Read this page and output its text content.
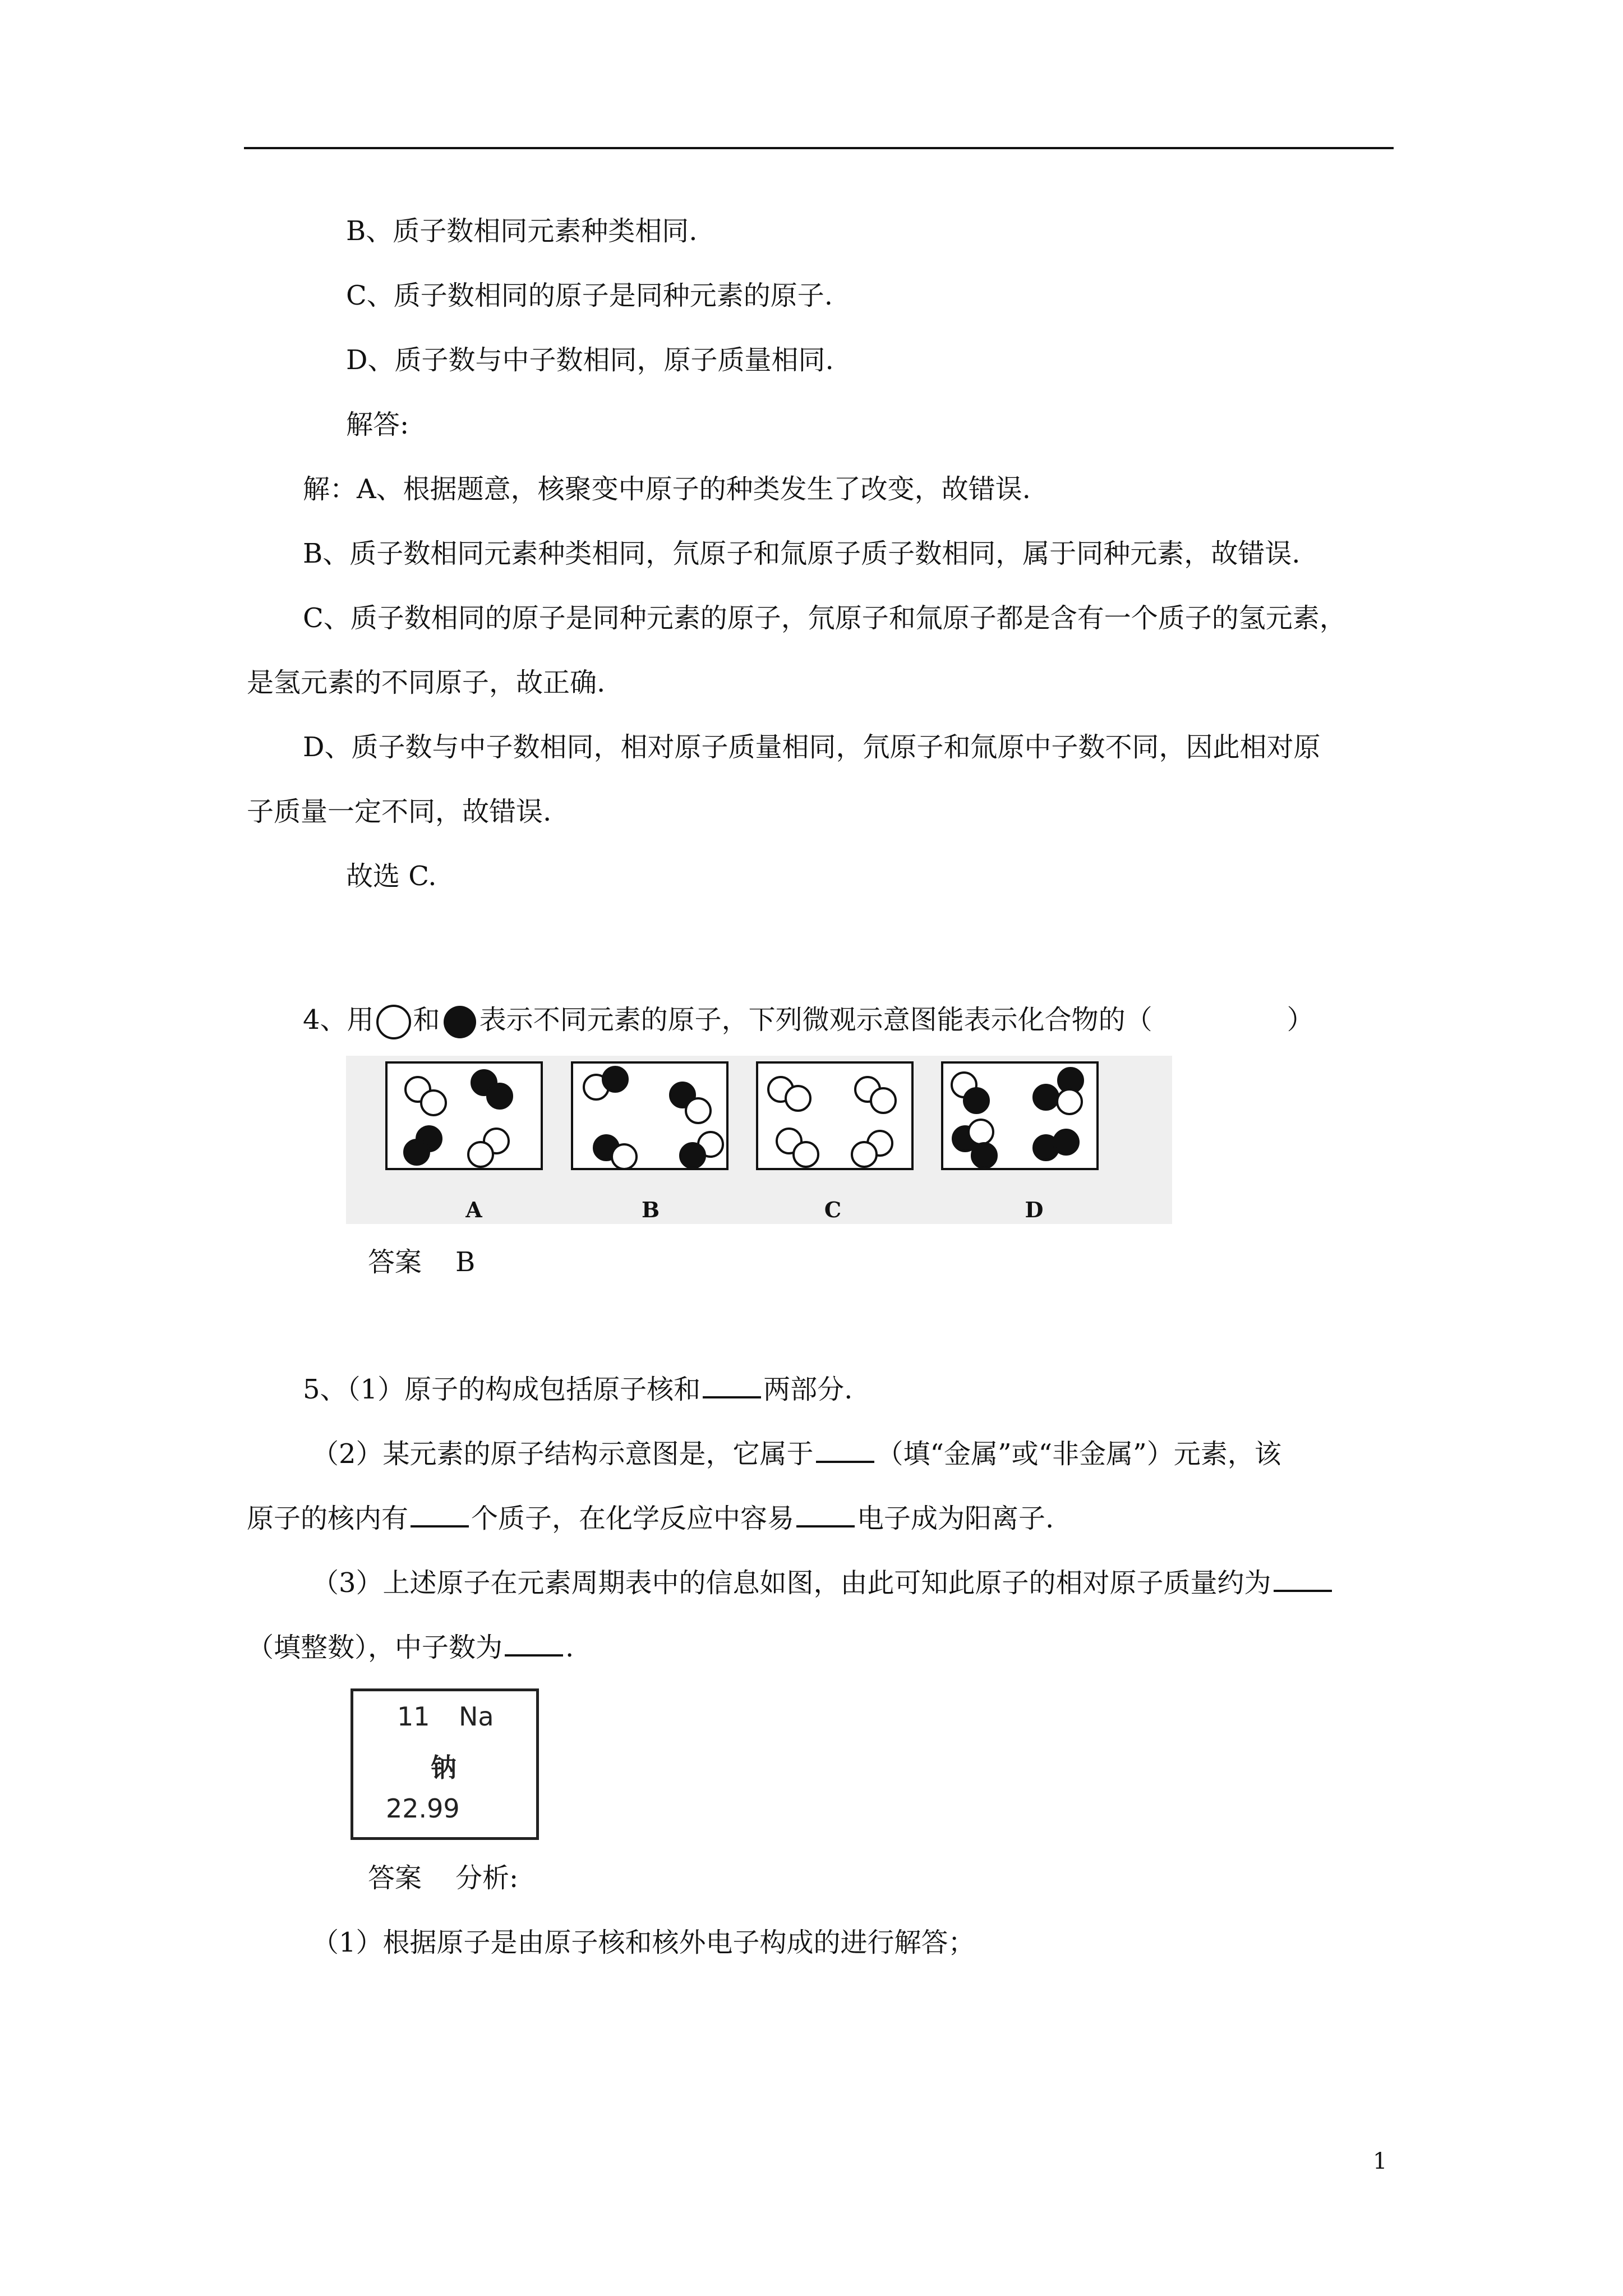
B、质子数相同元素种类相同.

C、质子数相同的原子是同种元素的原子.

D、质子数与中子数相同，原子质量相同.

解答:

解：A、根据题意，核聚变中原子的种类发生了改变，故错误.

B、质子数相同元素种类相同，氘原子和氚原子质子数相同，属于同种元素，故错误.

C、质子数相同的原子是同种元素的原子，氘原子和氚原子都是含有一个质子的氢元素，

是氢元素的不同原子，故正确.

D、质子数与中子数相同，相对原子质量相同，氘原子和氚原中子数不同，因此相对原

子质量一定不同，故错误.

故选 C.

4、用 和 表示不同元素的原子，下列微观示意图能表示化合物的（	）

A	B	C	D

答案 B

5、（1）原子的构成包括原子核和 两部分.

（2）某元素的原子结构示意图是，它属于 （填“金属”或“非金属”）元素，该

原子的核内有 个质子，在化学反应中容易 电子成为阳离子.

（3）上述原子在元素周期表中的信息如图，由此可知此原子的相对原子质量约为

（填整数），中子数为 .

11 Na
钠
22.99

答案 分析:

（1）根据原子是由原子核和核外电子构成的进行解答；

1
